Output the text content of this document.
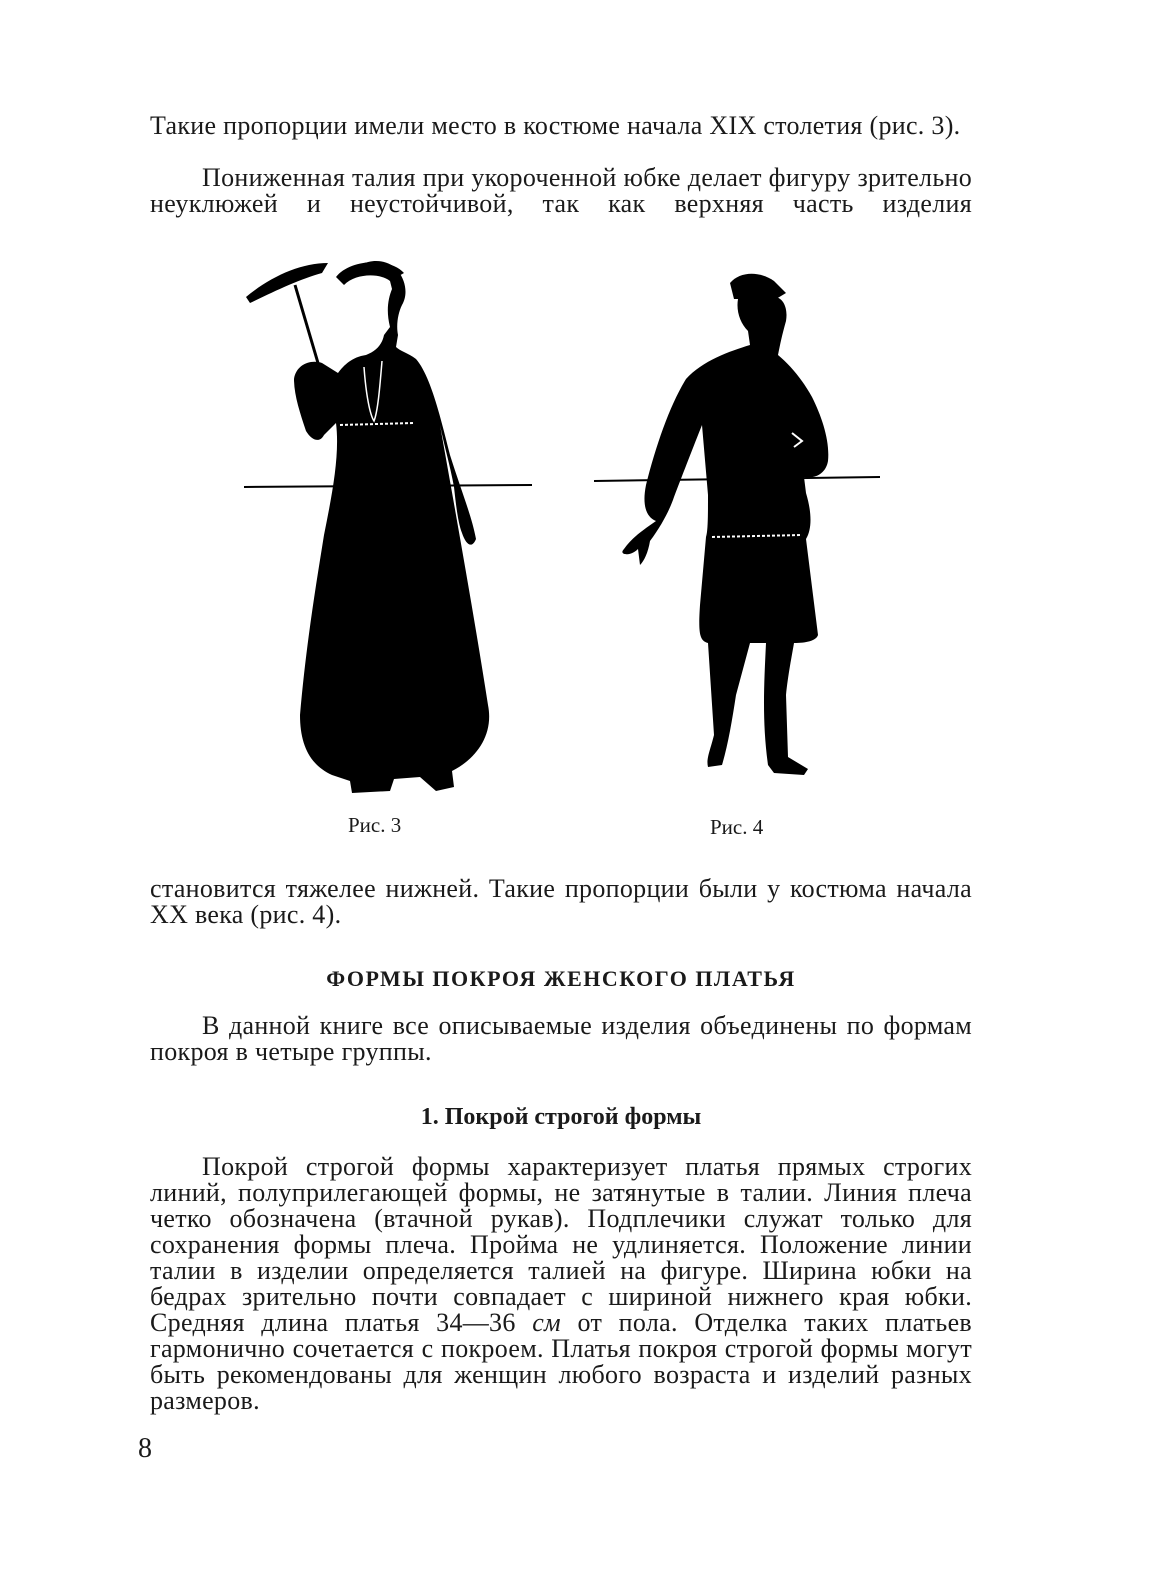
Такие пропорции имели место в костюме начала XIX столетия (рис. 3).
Пониженная талия при укороченной юбке делает фигуру зрительно неуклюжей и неустойчивой, так как верхняя часть изделия
Рис. 3	Рис. 4
становится тяжелее нижней. Такие пропорции были у костюма начала XX века (рис. 4).
ФОРМЫ ПОКРОЯ ЖЕНСКОГО ПЛАТЬЯ
В данной книге все описываемые изделия объединены по формам покроя в четыре группы.
1. Покрой строгой формы
Покрой строгой формы характеризует платья прямых строгих линий, полуприлегающей формы, не затянутые в талии. Линия плеча четко обозначена (втачной рукав). Подплечики служат только для сохранения формы плеча. Пройма не удлиняется. Положение линии талии в изделии определяется талией на фигуре. Ширина юбки на бедрах зрительно почти совпадает с шириной нижнего края юбки. Средняя длина платья 34—36 см от пола. Отделка таких платьев гармонично сочетается с покроем. Платья покроя строгой формы могут быть рекомендованы для женщин любого возраста и изделий разных размеров.
8
